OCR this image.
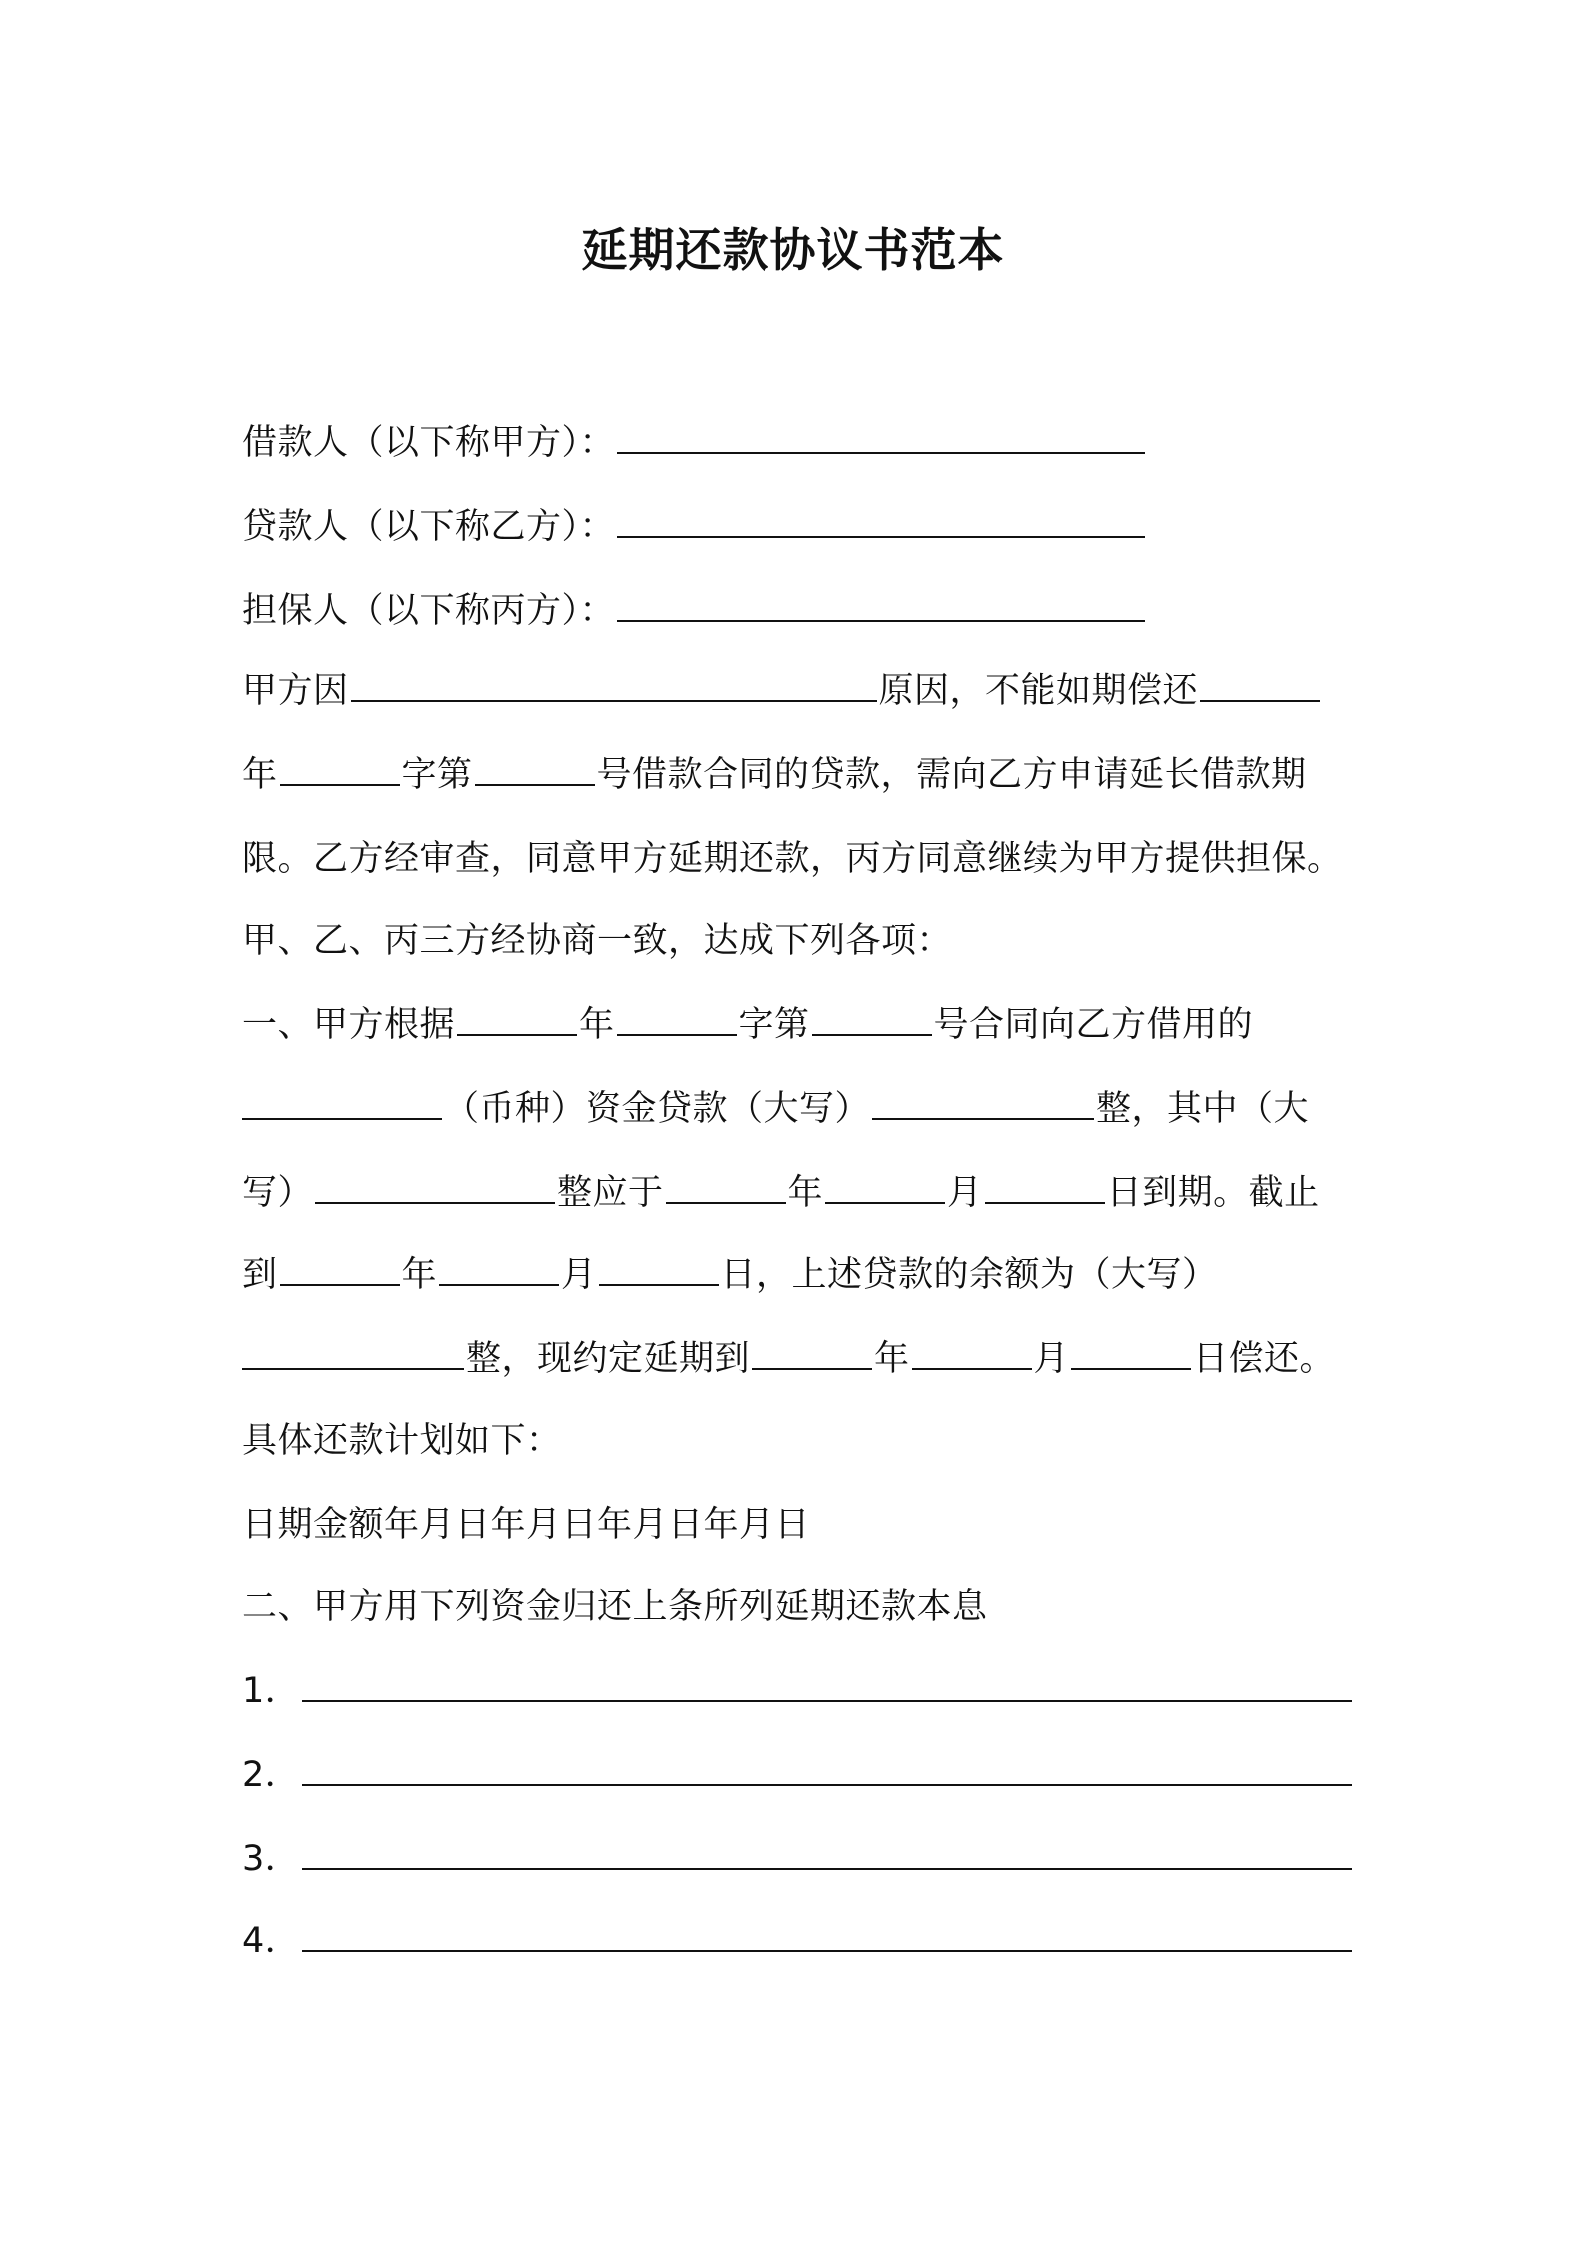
延期还款协议书范本
借款人（以下称甲方）：
贷款人（以下称乙方）：
担保人（以下称丙方）：
甲方因	原因，不能如期偿还
年	字第	号借款合同的贷款，需向乙方申请延长借款期
限。乙方经审查，同意甲方延期还款，丙方同意继续为甲方提供担保。
甲、乙、丙三方经协商一致，达成下列各项：
一、甲方根据	年	字第	号合同向乙方借用的
（币种）资金贷款（大写）	整，其中（大
写）	整应于	年	月	日到期。截止
到	年	月	日，上述贷款的余额为（大写）
整，现约定延期到	年	月	日偿还。
具体还款计划如下：
日期金额年月日年月日年月日年月日
二、甲方用下列资金归还上条所列延期还款本息
1．
2．
3．
4．
